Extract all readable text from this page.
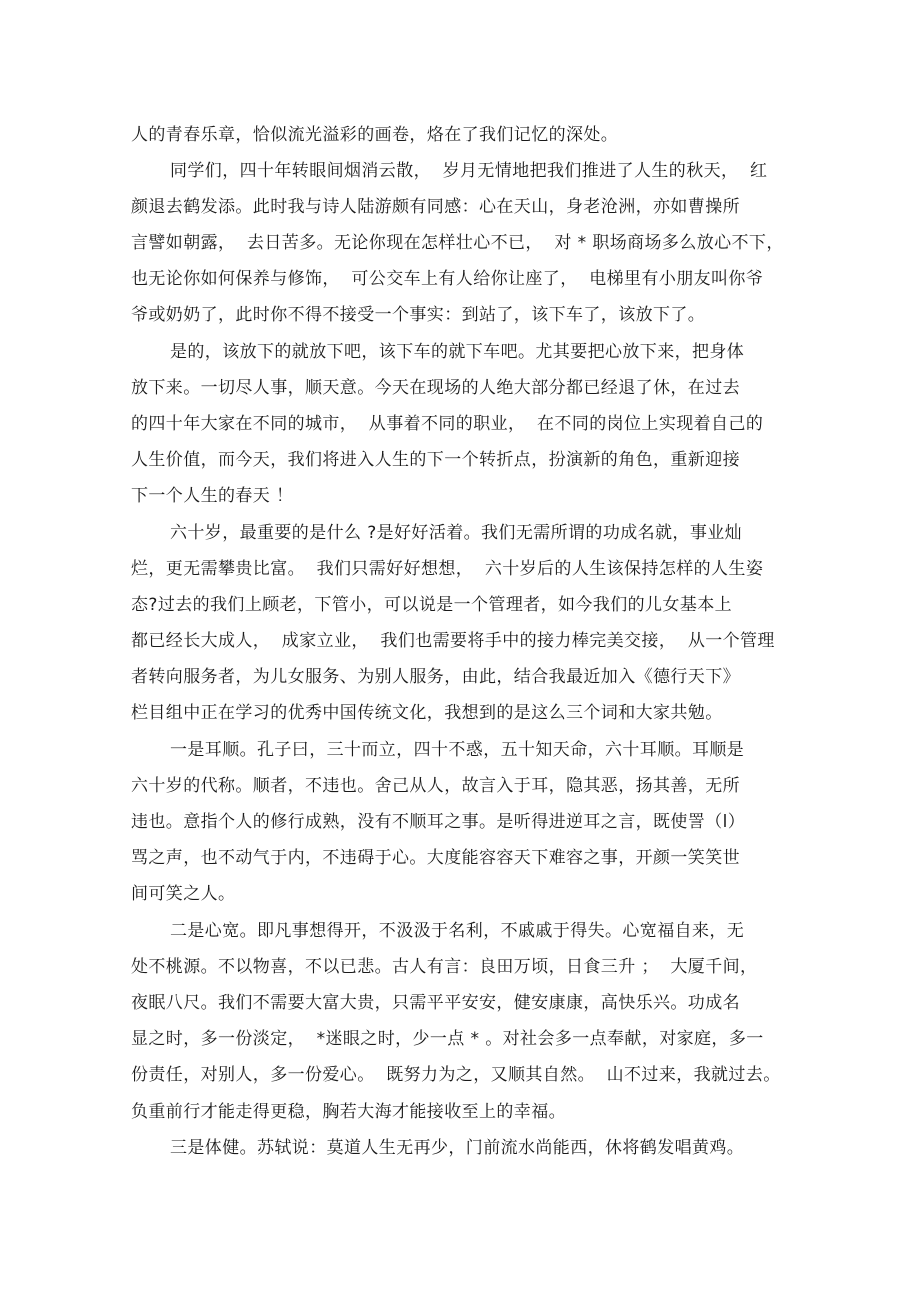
人的青春乐章，恰似流光溢彩的画卷，烙在了我们记忆的深处。
同学们，四十年转眼间烟消云散，  岁月无情地把我们推进了人生的秋天，  红
颜退去鹤发添。此时我与诗人陆游颇有同感：心在天山，身老沧洲，亦如曹操所
言譬如朝露，  去日苦多。无论你现在怎样壮心不已，  对 * 职场商场多么放心不下，
也无论你如何保养与修饰，  可公交车上有人给你让座了，  电梯里有小朋友叫你爷
爷或奶奶了，此时你不得不接受一个事实：到站了，该下车了，该放下了。
是的，该放下的就放下吧，该下车的就下车吧。尤其要把心放下来，把身体
放下来。一切尽人事，顺天意。今天在现场的人绝大部分都已经退了休，在过去
的四十年大家在不同的城市，  从事着不同的职业，  在不同的岗位上实现着自己的
人生价值，而今天，我们将进入人生的下一个转折点，扮演新的角色，重新迎接
下一个人生的春天 ！
六十岁，最重要的是什么 ?是好好活着。我们无需所谓的功成名就，事业灿
烂，更无需攀贵比富。  我们只需好好想想，  六十岁后的人生该保持怎样的人生姿
态?过去的我们上顾老，下管小，可以说是一个管理者，如今我们的儿女基本上
都已经长大成人，  成家立业，  我们也需要将手中的接力棒完美交接，  从一个管理
者转向服务者，为儿女服务、为别人服务，由此，结合我最近加入《德行天下》
栏目组中正在学习的优秀中国传统文化，我想到的是这么三个词和大家共勉。
一是耳顺。孔子曰，三十而立，四十不惑，五十知天命，六十耳顺。耳顺是
六十岁的代称。顺者，不违也。舍己从人，故言入于耳，隐其恶，扬其善，无所
违也。意指个人的修行成熟，没有不顺耳之事。是听得进逆耳之言，既使詈（l）
骂之声，也不动气于内，不违碍于心。大度能容容天下难容之事，开颜一笑笑世
间可笑之人。
二是心宽。即凡事想得开，不汲汲于名利，不戚戚于得失。心宽福自来，无
处不桃源。不以物喜，不以已悲。古人有言：良田万顷，日食三升 ；  大厦千间，
夜眠八尺。我们不需要大富大贵，只需平平安安，健安康康，高快乐兴。功成名
显之时，多一份淡定，  *迷眼之时，少一点 * 。对社会多一点奉献，对家庭，多一
份责任，对别人，多一份爱心。  既努力为之，又顺其自然。  山不过来，我就过去。
负重前行才能走得更稳，胸若大海才能接收至上的幸福。
三是体健。苏轼说：莫道人生无再少，门前流水尚能西，休将鹤发唱黄鸡。
